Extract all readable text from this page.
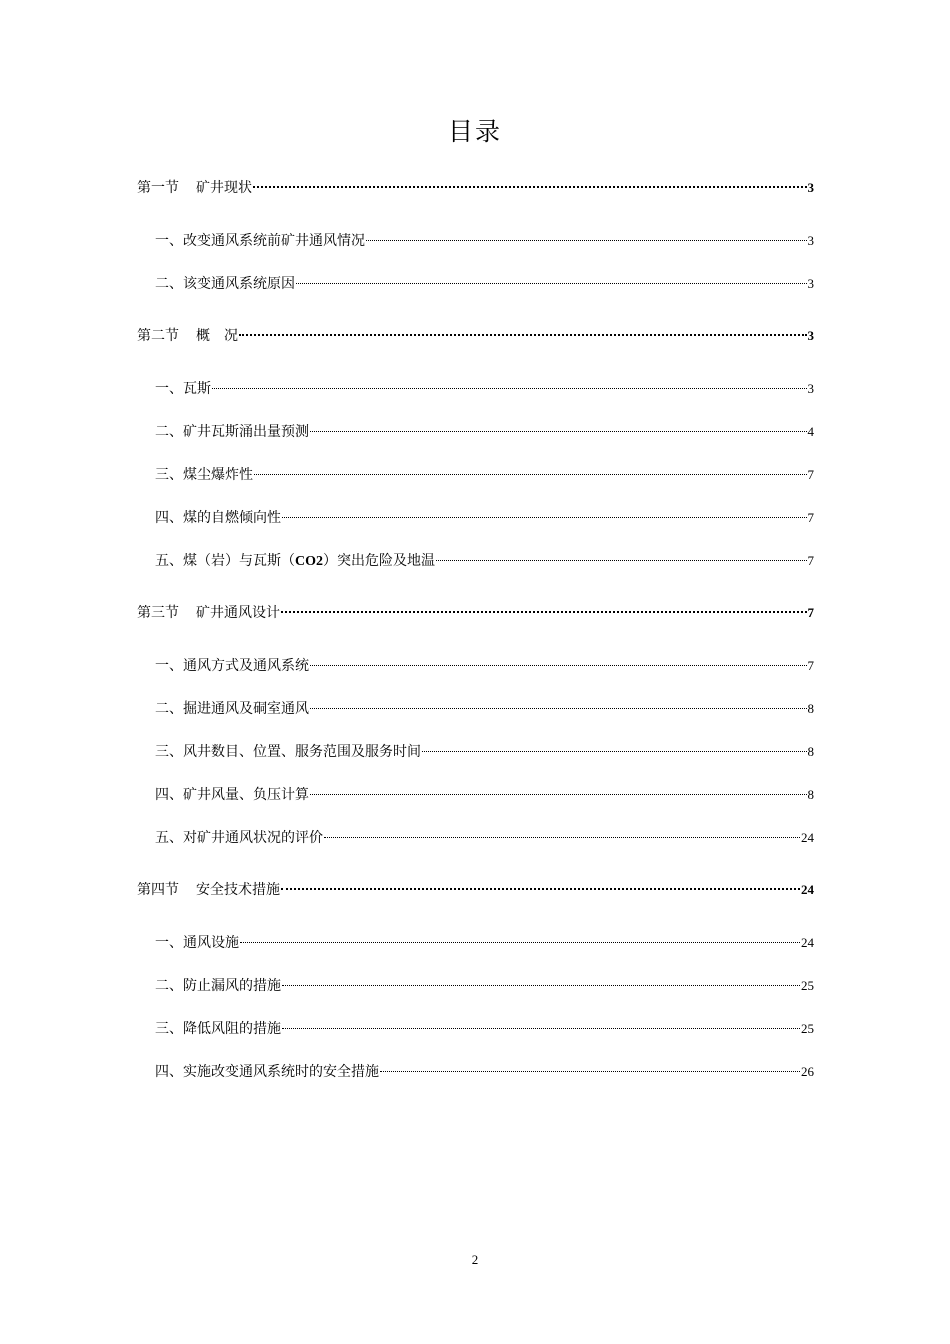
目录
第一节 矿井现状	3
一、改变通风系统前矿井通风情况	3
二、该变通风系统原因	3
第二节 概　况	3
一、瓦斯	3
二、矿井瓦斯涌出量预测	4
三、煤尘爆炸性	7
四、煤的自燃倾向性	7
五、煤（岩）与瓦斯（CO2）突出危险及地温	7
第三节 矿井通风设计	7
一、通风方式及通风系统	7
二、掘进通风及硐室通风	8
三、风井数目、位置、服务范围及服务时间	8
四、矿井风量、负压计算	8
五、对矿井通风状况的评价	24
第四节 安全技术措施	24
一、通风设施	24
二、防止漏风的措施	25
三、降低风阻的措施	25
四、实施改变通风系统时的安全措施	26
2
